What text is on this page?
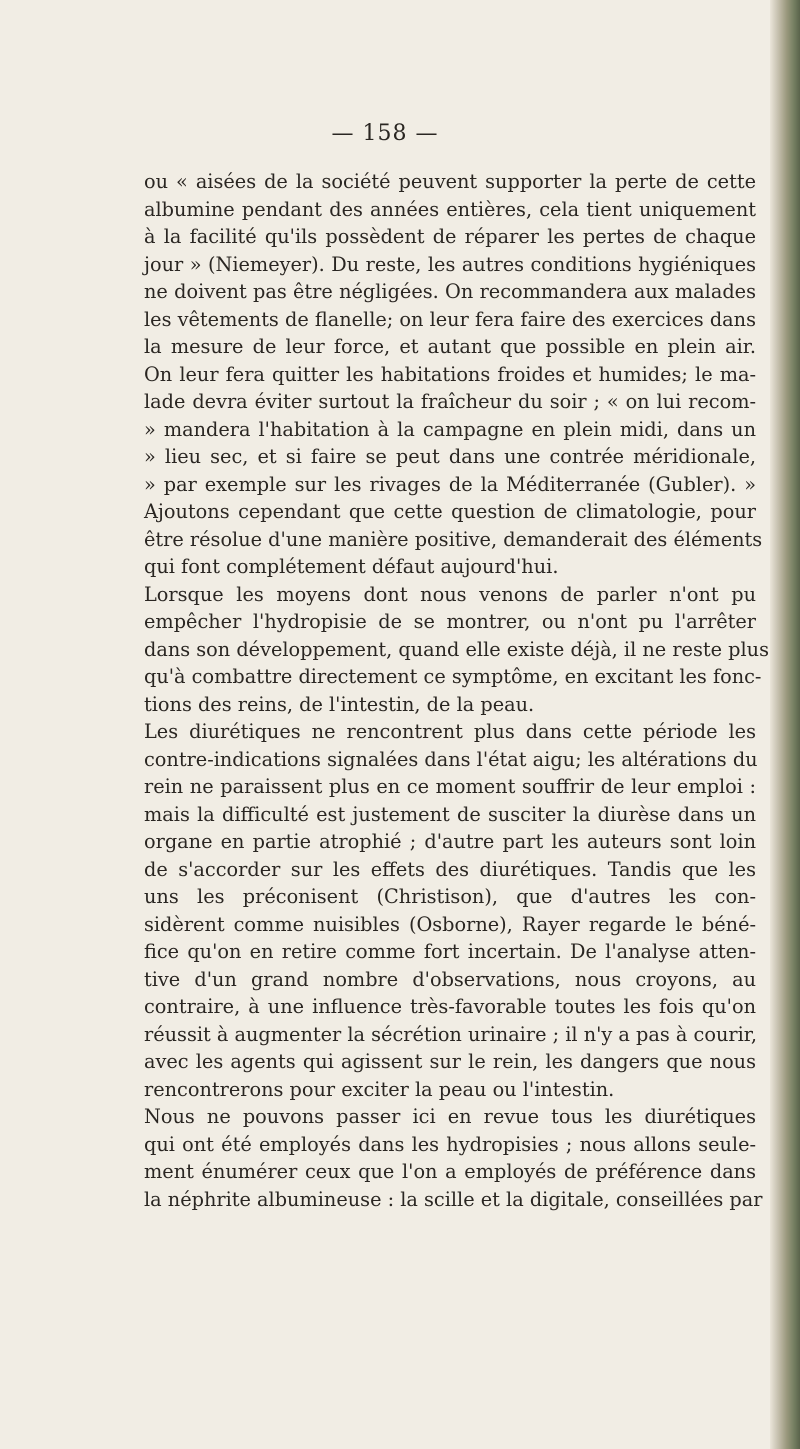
— 158 —
ou « aisées de la société peuvent supporter la perte de cette
albumine pendant des années entières, cela tient uniquement
à la facilité qu'ils possèdent de réparer les pertes de chaque
jour » (Niemeyer). Du reste, les autres conditions hygiéniques
ne doivent pas être négligées. On recommandera aux malades
les vêtements de flanelle; on leur fera faire des exercices dans
la mesure de leur force, et autant que possible en plein air.
On leur fera quitter les habitations froides et humides; le ma-
lade devra éviter surtout la fraîcheur du soir ; « on lui recom-
» mandera l'habitation à la campagne en plein midi, dans un
» lieu sec, et si faire se peut dans une contrée méridionale,
» par exemple sur les rivages de la Méditerranée (Gubler). »
Ajoutons cependant que cette question de climatologie, pour
être résolue d'une manière positive, demanderait des éléments
qui font complétement défaut aujourd'hui.
Lorsque les moyens dont nous venons de parler n'ont pu
empêcher l'hydropisie de se montrer, ou n'ont pu l'arrêter
dans son développement, quand elle existe déjà, il ne reste plus
qu'à combattre directement ce symptôme, en excitant les fonc-
tions des reins, de l'intestin, de la peau.
Les diurétiques ne rencontrent plus dans cette période les
contre-indications signalées dans l'état aigu; les altérations du
rein ne paraissent plus en ce moment souffrir de leur emploi :
mais la difficulté est justement de susciter la diurèse dans un
organe en partie atrophié ; d'autre part les auteurs sont loin
de s'accorder sur les effets des diurétiques. Tandis que les
uns les préconisent (Christison), que d'autres les con-
sidèrent comme nuisibles (Osborne), Rayer regarde le béné-
fice qu'on en retire comme fort incertain. De l'analyse atten-
tive d'un grand nombre d'observations, nous croyons, au
contraire, à une influence très-favorable toutes les fois qu'on
réussit à augmenter la sécrétion urinaire ; il n'y a pas à courir,
avec les agents qui agissent sur le rein, les dangers que nous
rencontrerons pour exciter la peau ou l'intestin.
Nous ne pouvons passer ici en revue tous les diurétiques
qui ont été employés dans les hydropisies ; nous allons seule-
ment énumérer ceux que l'on a employés de préférence dans
la néphrite albumineuse : la scille et la digitale, conseillées par
